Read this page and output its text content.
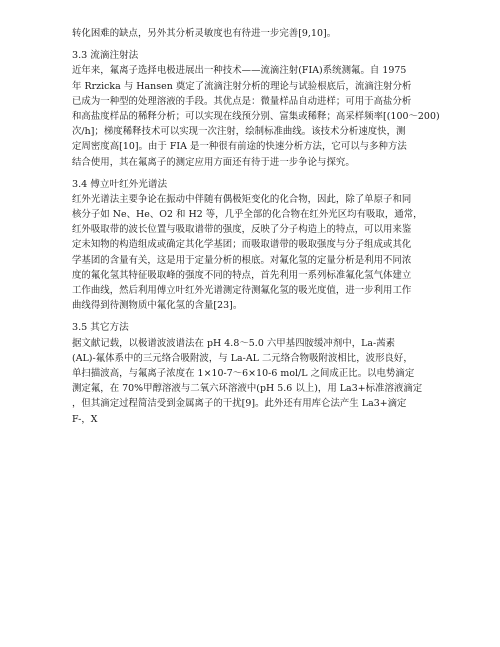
转化困难的缺点，另外其分析灵敏度也有待进一步完善[9,10]。
3.3 流滴注射法
近年来，氟离子选择电极进展出一种技术——流滴注射(FIA)系统测氟。自 1975
年 Rrzicka 与 Hansen 奠定了流滴注射分析的理论与试验根底后，流滴注射分析
已成为一种型的处理溶液的手段。其优点是：微量样品自动进样；可用于高盐分析
和高盐度样品的稀释分析；可以实现在线预分别、富集或稀释；高采样频率[(100～200)
次/h]；梯度稀释技术可以实现一次注射，绘制标准曲线。该技术分析速度快，测
定周密度高[10]。由于 FIA 是一种很有前途的快速分析方法，它可以与多种方法
结合使用，其在氟离子的测定应用方面还有待于进一步争论与探究。
3.4 傅立叶红外光谱法
红外光谱法主要争论在振动中伴随有偶极矩变化的化合物，因此，除了单原子和同
核分子如 Ne、He、O2 和 H2 等，几乎全部的化合物在红外光区均有吸取，通常，
红外吸取带的波长位置与吸取谱带的强度，反映了分子构造上的特点，可以用来鉴
定未知物的构造组成或确定其化学基团；而吸取谱带的吸取强度与分子组成或其化
学基团的含量有关，这是用于定量分析的根底。对氟化氢的定量分析是利用不同浓
度的氟化氢其特征吸取峰的强度不同的特点，首先利用一系列标准氟化氢气体建立
工作曲线，然后利用傅立叶红外光谱测定待测氟化氢的吸光度值，进一步利用工作
曲线得到待测物质中氟化氢的含量[23]。
3.5 其它方法
据文献记载，以极谱波波谱法在 pH 4.8～5.0 六甲基四胺缓冲剂中，La-茜素
(AL)-氟体系中的三元络合吸附波，与 La-AL 二元络合物吸附波相比，波形良好，
单扫描波高，与氟离子浓度在 1×10-7～6×10-6 mol/L 之间成正比。以电势滴定
测定氟，在 70%甲醇溶液与二氧六环溶液中(pH 5.6 以上)，用 La3+标准溶液滴定
，但其滴定过程简洁受到金属离子的干扰[9]。此外还有用库仑法产生 La3+滴定
F-，X
